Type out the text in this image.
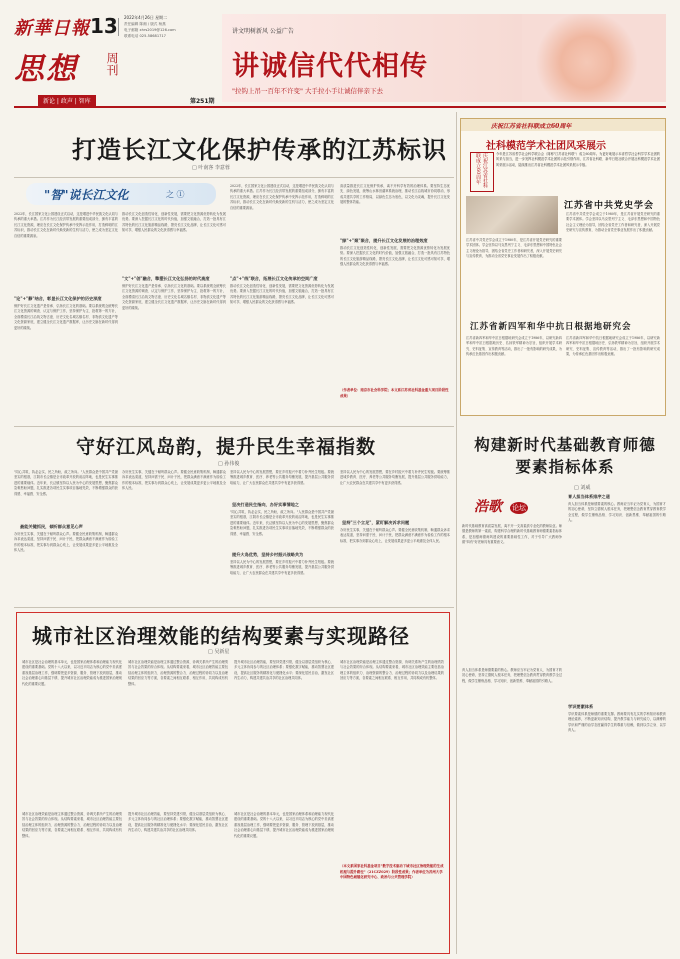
新華日報 13 2022年4月26日 星期二
责任编辑 陈湘 / 版式 杨燕
电子邮箱 xhrs2019@126.com
联系电话 025-58681717
思想 周刊
新论 | 政声 | 智库	第251期
讲文明树新风 公益广告
讲诚信代代相传
"拉钩上吊一百年不许变" 大手拉小手让诚信伴亲下去
打造长江文化保护传承的江苏标识
□ 叶南客 李意蓉
"智"说长江文化	之 ①
2022年，长江国家文化公园建设正式启动，这是增进中华民族文化认同与传承的重大举措。江苏作为长江经济带发展的重要组成部分，拥有丰富的长江文化资源，理应在长江文化保护传承中发挥示范作用，打造鲜明的江苏标识，推动长江文化在新时代焕发新的生机与活力，使之成为坚定文化自信的重要源泉。
"论"+"静"结合，彰显长江文化保护的历史深度
保护好长江文化遗产是传承、弘扬长江文化的基础。要以系统观念统筹长江文化资源的调查、认定与保护工作，坚持保护为主、抢救第一的方针，全面摸清长江沿线文物古迹、历史文化名城名镇名村、非物质文化遗产等文化资源家底，建立健全长江文化遗产数据库，让历史文脉在新时代得到更好的赓续。
推动长江文化创造性转化、创新性发展，需要把文化资源优势转化为发展优势。要深入挖掘长江文化的时代价值，加强文旅融合，打造一批具有江苏特色的长江文化旅游精品线路，擦亮长江文化品牌，让长江文化可感可知可享，增强人民群众的文化获得感与幸福感。
"文"+"创"融合，擎塑长江文化弘扬的时代高度
保护好长江文化遗产是传承、弘扬长江文化的基础。要以系统观念统筹长江文化资源的调查、认定与保护工作，坚持保护为主、抢救第一的方针，全面摸清长江沿线文物古迹、历史文化名城名镇名村、非物质文化遗产等文化资源家底，建立健全长江文化遗产数据库，让历史文脉在新时代得到更好的赓续。
2022年，长江国家文化公园建设正式启动，这是增进中华民族文化认同与传承的重大举措。江苏作为长江经济带发展的重要组成部分，拥有丰富的长江文化资源，理应在长江文化保护传承中发挥示范作用，打造鲜明的江苏标识，推动长江文化在新时代焕发新的生机与活力，使之成为坚定文化自信的重要源泉。
"点"+"线"联合，拓展长江文化传承的空间广度
推动长江文化创造性转化、创新性发展，需要把文化资源优势转化为发展优势。要深入挖掘长江文化的时代价值，加强文旅融合，打造一批具有江苏特色的长江文化旅游精品线路，擦亮长江文化品牌，让长江文化可感可知可享，增强人民群众的文化获得感与幸福感。
高质量推进长江文化保护传承，离不开科学有效的治理体系。要坚持生态优先、绿色发展，统筹山水林田湖草系统治理，推动长江沿线城市协同联动，形成共建共享的工作格局，以绿色生态为底色，以文化为灵魂，提升长江文化发展的整体效能。
"绿"+"聚"聚合，提升长江文化发展的治理效度
推动长江文化创造性转化、创新性发展，需要把文化资源优势转化为发展优势。要深入挖掘长江文化的时代价值，加强文旅融合，打造一批具有江苏特色的长江文化旅游精品线路，擦亮长江文化品牌，让长江文化可感可知可享，增强人民群众的文化获得感与幸福感。
（作者单位：南京市社会科学院；本文系江苏省社科基金重大项目阶段性成果）
守好江风岛韵，提升民生幸福指数
□ 孙伟俊
"同心共筑，执必会实，民之所盼，政之所向。"人民群众是中国共产党最坚实的根基，江阴市长泾镇是全市改革开放的前沿阵地，也是民生实事推进的重要载体。近年来，长泾镇坚持以人民为中心的发展思想，聚焦群众急难愁盼问题，扎实推进各项民生实事项目落地见效，不断增强群众的获得感、幸福感、安全感。
最能关键抓民，倾听群众意见心声
办好民生实事，关键在于倾听群众心声。要健全民意收集机制，畅通群众诉求表达渠道，坚持问需于民、问计于民，把群众满意不满意作为检验工作的根本标准，把实事办到群众心坎上，让发展成果更多更公平地惠及全体人民。
办好民生实事，关键在于倾听群众心声。要健全民意收集机制，畅通群众诉求表达渠道，坚持问需于民、问计于民，把群众满意不满意作为检验工作的根本标准，把实事办到群众心坎上，让发展成果更多更公平地惠及全体人民。
坚持以人民为中心的发展思想，要在乡村振兴中着力补齐民生短板。要统筹推进城乡教育、医疗、养老等公共服务均衡发展，提升基层公共服务供给能力，让广大农民群众在共建共享中有更多获得感。
坚决打造民生指向，办好实事情地之
"同心共筑，执必会实，民之所盼，政之所向。"人民群众是中国共产党最坚实的根基，江阴市长泾镇是全市改革开放的前沿阵地，也是民生实事推进的重要载体。近年来，长泾镇坚持以人民为中心的发展思想，聚焦群众急难愁盼问题，扎实推进各项民生实事项目落地见效，不断增强群众的获得感、幸福感、安全感。
提升大岛优势，坚持乡村振兴战略共为
坚持以人民为中心的发展思想，要在乡村振兴中着力补齐民生短板。要统筹推进城乡教育、医疗、养老等公共服务均衡发展，提升基层公共服务供给能力，让广大农民群众在共建共享中有更多获得感。
坚持以人民为中心的发展思想，要在乡村振兴中着力补齐民生短板。要统筹推进城乡教育、医疗、养老等公共服务均衡发展，提升基层公共服务供给能力，让广大农民群众在共建共享中有更多获得感。
坚持"三个立足"，紧盯解决诉求问题
办好民生实事，关键在于倾听群众心声。要健全民意收集机制，畅通群众诉求表达渠道，坚持问需于民、问计于民，把群众满意不满意作为检验工作的根本标准，把实事办到群众心坎上，让发展成果更多更公平地惠及全体人民。
城市社区治理效能的结构要素与实现路径
□ 吴新星
城市社区是社会治理的基本单元，也是国家治理体系和治理能力现代化建设的重要基础。党的十八大以来，以习近平同志为核心的党中央高度重视基层治理工作，强调要把更多资源、服务、管理下放到基层，推动社会治理重心向基层下移，提升城市社区治理效能成为推进国家治理现代化的重要议题。
城市社区治理效能是治理主体通过整合资源、协调关系所产生的治理绩效与社会效果的综合体现。从结构要素来看，城市社区治理效能主要包括治理主体的组织力、治理资源的整合力、治理过程的协同力以及治理结果的回应力等方面，各要素之间相互联系、相互作用，共同构成有机整体。
城市社区治理效能是治理主体通过整合资源、协调关系所产生的治理绩效与社会效果的综合体现。从结构要素来看，城市社区治理效能主要包括治理主体的组织力、治理资源的整合力、治理过程的协同力以及治理结果的回应力等方面，各要素之间相互联系、相互作用，共同构成有机整体。
提升城市社区治理效能，要坚持党建引领，健全以基层党组织为核心、多元主体协同参与的社区治理体系；要强化数字赋能，推动智慧社区建设，提高社区服务的精准化与便捷化水平；要深化居民自治，激发社区内生动力，构建共建共治共享的社区治理共同体。
提升城市社区治理效能，要坚持党建引领，健全以基层党组织为核心、多元主体协同参与的社区治理体系；要强化数字赋能，推动智慧社区建设，提高社区服务的精准化与便捷化水平；要深化居民自治，激发社区内生动力，构建共建共治共享的社区治理共同体。
城市社区是社会治理的基本单元，也是国家治理体系和治理能力现代化建设的重要基础。党的十八大以来，以习近平同志为核心的党中央高度重视基层治理工作，强调要把更多资源、服务、管理下放到基层，推动社会治理重心向基层下移，提升城市社区治理效能成为推进国家治理现代化的重要议题。
城市社区治理效能是治理主体通过整合资源、协调关系所产生的治理绩效与社会效果的综合体现。从结构要素来看，城市社区治理效能主要包括治理主体的组织力、治理资源的整合力、治理过程的协同力以及治理结果的回应力等方面，各要素之间相互联系、相互作用，共同构成有机整体。
（本文系国家社科基金项目"数字技术驱动下城市社区治理效能的生成机理与提升路径"（21CZZ029）阶段性成果；作者单位为苏州大学中国特色城镇化研究中心、政治与公共管理学院）
庆祝江苏省社科联成立60周年
社科模范学术社团风采展示
庆祝江苏省社科联成立60周年	今年是江苏省哲学社会科学联合会（简称"江苏省社科联"）成立60周年。为更好地展示本省哲学社会科学学术社团的风采与担当，进一步发挥社科模范学术社团的示范引领作用，江苏省社科联、新华日报社联合开展社科模范学术社团风采展示活动，陆续推出江苏省社科模范学术社团风采展示专版。
江苏省中共党史学会
江苏省中共党史学会成立于1980年，是江苏省开展党史研究的重要学术团体。学会坚持以马克思列宁主义、毛泽东思想和中国特色社会主义理论为指导，团结全省党史工作者和研究者，深入开展党史研究与宣传教育，为推动全省党史事业发展作出了积极贡献。
江苏省中共党史学会成立于1980年，是江苏省开展党史研究的重要学术团体。学会坚持以马克思列宁主义、毛泽东思想和中国特色社会主义理论为指导，团结全省党史工作者和研究者，深入开展党史研究与宣传教育，为推动全省党史事业发展作出了积极贡献。
江苏省新四军和华中抗日根据地研究会
江苏省新四军和华中抗日根据地研究会成立于1986年，以研究新四军和华中抗日根据地历史、弘扬铁军精神为宗旨，组织开展学术研究、史料征集、宣传教育等活动，推出了一批有影响的研究成果，为传承红色基因作出积极贡献。
江苏省新四军和华中抗日根据地研究会成立于1986年，以研究新四军和华中抗日根据地历史、弘扬铁军精神为宗旨，组织开展学术研究、史料征集、宣传教育等活动，推出了一批有影响的研究成果，为传承红色基因作出积极贡献。
构建新时代基础教育师德要素指标体系
□ 刘威
浩歌 论坛
新时代基础教育高质量发展，离不开一支高素质专业化的教师队伍。师德是教师的第一素质，构建科学合理的新时代基础教育师德要素指标体系，是加强师德师风建设的重要基础性工作，对于引导广大教师争做"四有"好老师具有重要意义。
育人担当体系排序之道
育人担当体系是师德要素的核心。教师应当牢记为党育人、为国育才的初心使命，坚持立德树人根本任务，把理想信念教育贯穿教育教学全过程，做学生锤炼品格、学习知识、创新思维、奉献祖国的引路人。
育人担当体系是师德要素的核心。教师应当牢记为党育人、为国育才的初心使命，坚持立德树人根本任务，把理想信念教育贯穿教育教学全过程，做学生锤炼品格、学习知识、创新思维、奉献祖国的引路人。
学识要素体系
学识要素体系是师德的重要支撑。教师要具有扎实的学科知识和教育理论素养，不断更新知识结构，提升教学能力与研究能力，以渊博的学识和严谨的治学态度赢得学生的尊重与信赖，做到以学立身、以学育人。
